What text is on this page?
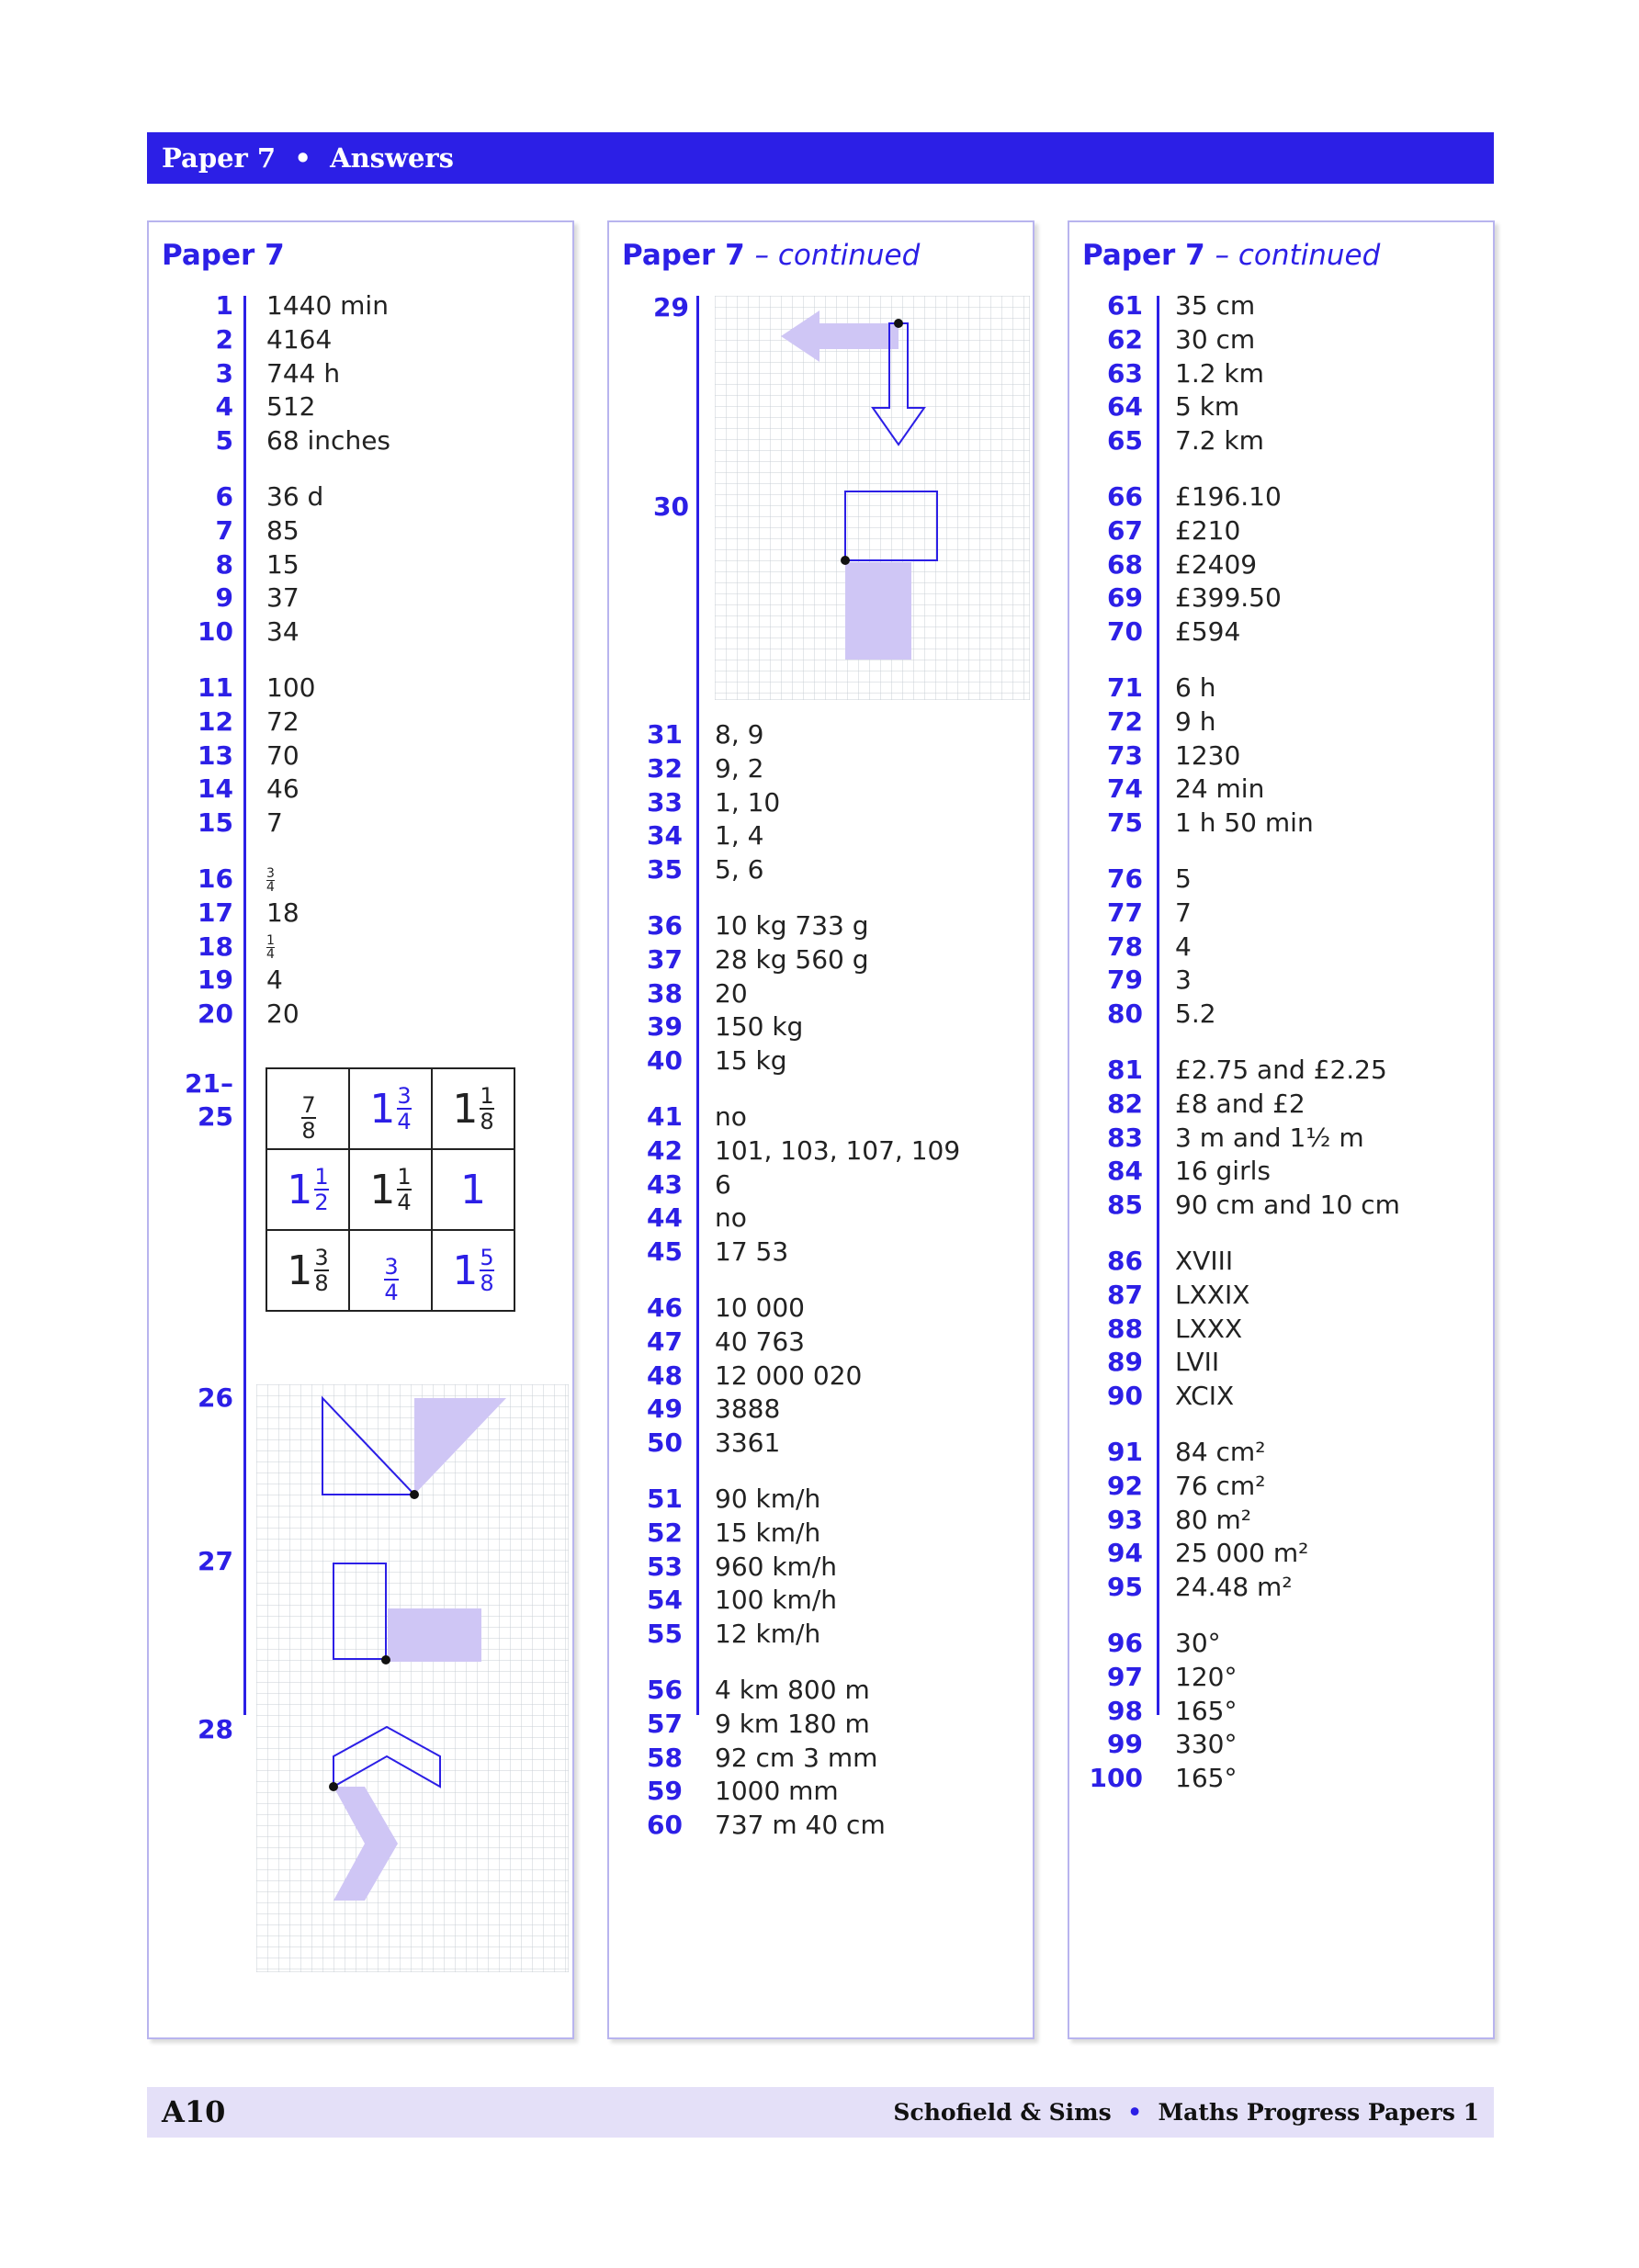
Paper 7  •  Answers
Paper 7
1 1440 min
2 4164
3 744 h
4 512
5 68 inches
6 36 d
7 85
8 15
9 37
10 34
11 100
12 72
13 70
14 46
15 7
16	$\frac{3}{4}$
17 18
18	$\frac{1}{4}$
19 4
20 20
21–25	$\frac{7}{8}$	$1 \frac{3}{4}$	$1 \frac{1}{8}$

$1 \frac{1}{2}$	$1 \frac{1}{4}$	1

$1 \frac{3}{8}$	$\frac{3}{4}$	$1 \frac{5}{8}$
26
27
28
Paper 7 – continued
29
30
31 8, 9
32 9, 2
33 1, 10
34 1, 4
35 5, 6
36 10 kg 733 g
37 28 kg 560 g
38 20
39 150 kg
40 15 kg
41 no
42 101, 103, 107, 109
43 6
44 no
45 17 53
46 10 000
47 40 763
48 12 000 020
49 3888
50 3361
51 90 km/h
52 15 km/h
53 960 km/h
54 100 km/h
55 12 km/h
56 4 km 800 m
57 9 km 180 m
58 92 cm 3 mm
59 1000 mm
60 737 m 40 cm
Paper 7 – continued
61 35 cm
62 30 cm
63 1.2 km
64 5 km
65 7.2 km
66 £196.10
67 £210
68 £2409
69 £399.50
70 £594
71 6 h
72 9 h
73 1230
74 24 min
75 1 h 50 min
76 5
77 7
78 4
79 3
80 5.2
81 £2.75 and £2.25
82 £8 and £2
83 3 m and 1½ m
84 16 girls
85 90 cm and 10 cm
86 XVIII
87 LXXIX
88 LXXX
89 LVII
90 XCIX
91 84 cm²
92 76 cm²
93 80 m²
94 25 000 m²
95 24.48 m²
96 30°
97 120°
98 165°
99 330°
100 165°
A10	Schofield & Sims  •  Maths Progress Papers 1
